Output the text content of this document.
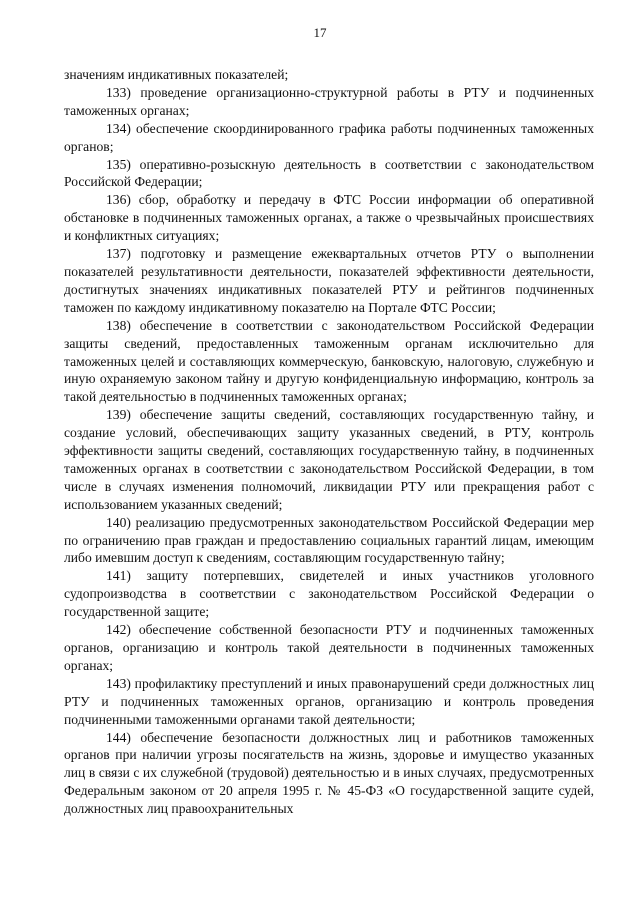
17

значениям индикативных показателей;

133) проведение организационно-структурной работы в РТУ и подчиненных таможенных органах;

134) обеспечение скоординированного графика работы подчиненных таможенных органов;

135) оперативно-розыскную деятельность в соответствии с законодательством Российской Федерации;

136) сбор, обработку и передачу в ФТС России информации об оперативной обстановке в подчиненных таможенных органах, а также о чрезвычайных происшествиях и конфликтных ситуациях;

137) подготовку и размещение ежеквартальных отчетов РТУ о выполнении показателей результативности деятельности, показателей эффективности деятельности, достигнутых значениях индикативных показателей РТУ и рейтингов подчиненных таможен по каждому индикативному показателю на Портале ФТС России;

138) обеспечение в соответствии с законодательством Российской Федерации защиты сведений, предоставленных таможенным органам исключительно для таможенных целей и составляющих коммерческую, банковскую, налоговую, служебную и иную охраняемую законом тайну и другую конфиденциальную информацию, контроль за такой деятельностью в подчиненных таможенных органах;

139) обеспечение защиты сведений, составляющих государственную тайну, и создание условий, обеспечивающих защиту указанных сведений, в РТУ, контроль эффективности защиты сведений, составляющих государственную тайну, в подчиненных таможенных органах в соответствии с законодательством Российской Федерации, в том числе в случаях изменения полномочий, ликвидации РТУ или прекращения работ с использованием указанных сведений;

140) реализацию предусмотренных законодательством Российской Федерации мер по ограничению прав граждан и предоставлению социальных гарантий лицам, имеющим либо имевшим доступ к сведениям, составляющим государственную тайну;

141) защиту потерпевших, свидетелей и иных участников уголовного судопроизводства в соответствии с законодательством Российской Федерации о государственной защите;

142) обеспечение собственной безопасности РТУ и подчиненных таможенных органов, организацию и контроль такой деятельности в подчиненных таможенных органах;

143) профилактику преступлений и иных правонарушений среди должностных лиц РТУ и подчиненных таможенных органов, организацию и контроль проведения подчиненными таможенными органами такой деятельности;

144) обеспечение безопасности должностных лиц и работников таможенных органов при наличии угрозы посягательств на жизнь, здоровье и имущество указанных лиц в связи с их служебной (трудовой) деятельностью и в иных случаях, предусмотренных Федеральным законом от 20 апреля 1995 г. № 45-ФЗ «О государственной защите судей, должностных лиц правоохранительных
